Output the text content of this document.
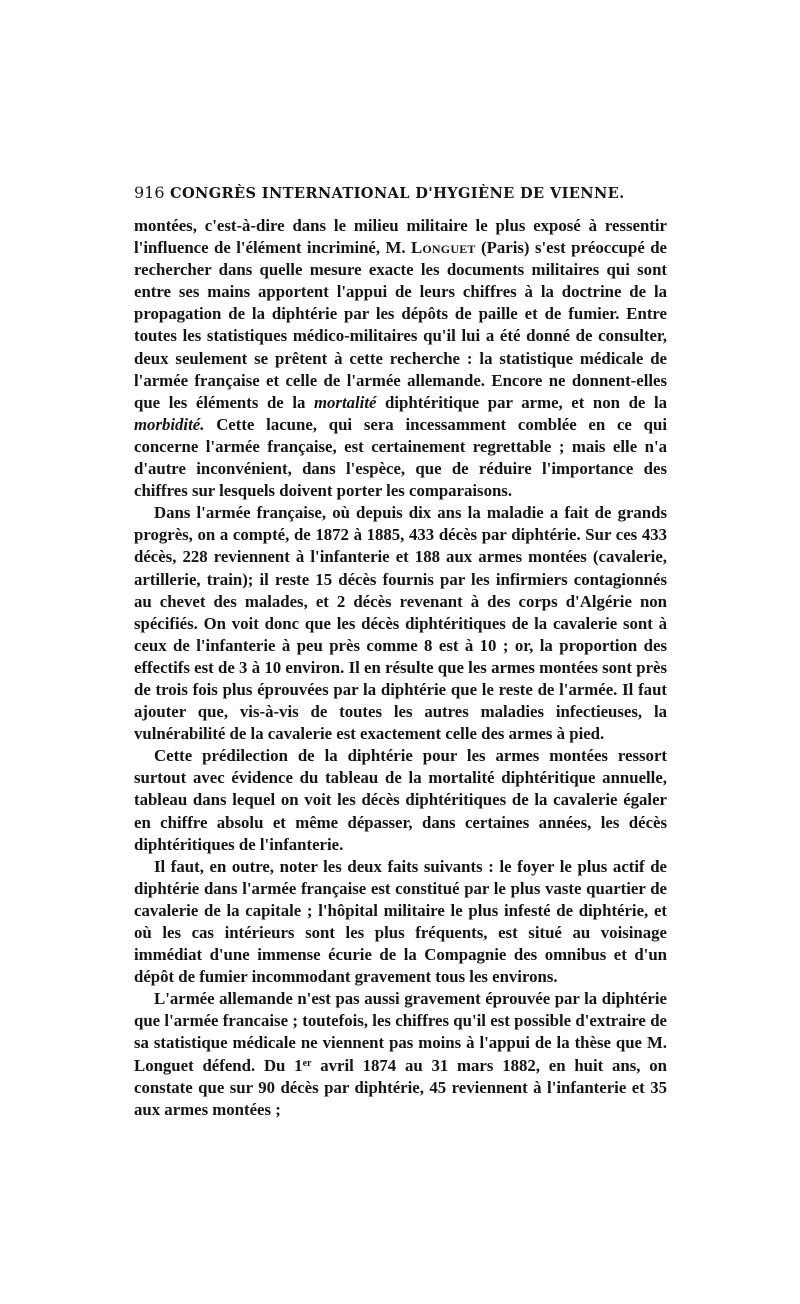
916 CONGRÈS INTERNATIONAL D'HYGIÈNE DE VIENNE.

montées, c'est-à-dire dans le milieu militaire le plus exposé à ressentir l'influence de l'élément incriminé, M. Longuet (Paris) s'est préoccupé de rechercher dans quelle mesure exacte les documents militaires qui sont entre ses mains apportent l'appui de leurs chiffres à la doctrine de la propagation de la diphtérie par les dépôts de paille et de fumier. Entre toutes les statistiques médico-militaires qu'il lui a été donné de consulter, deux seulement se prêtent à cette recherche : la statistique médicale de l'armée française et celle de l'armée allemande. Encore ne donnent-elles que les éléments de la mortalité diphtéritique par arme, et non de la morbidité. Cette lacune, qui sera incessamment comblée en ce qui concerne l'armée française, est certainement regrettable ; mais elle n'a d'autre inconvénient, dans l'espèce, que de réduire l'importance des chiffres sur lesquels doivent porter les comparaisons.

Dans l'armée française, où depuis dix ans la maladie a fait de grands progrès, on a compté, de 1872 à 1885, 433 décès par diphtérie. Sur ces 433 décès, 228 reviennent à l'infanterie et 188 aux armes montées (cavalerie, artillerie, train); il reste 15 décès fournis par les infirmiers contagionnés au chevet des malades, et 2 décès revenant à des corps d'Algérie non spécifiés. On voit donc que les décès diphtéritiques de la cavalerie sont à ceux de l'infanterie à peu près comme 8 est à 10 ; or, la proportion des effectifs est de 3 à 10 environ. Il en résulte que les armes montées sont près de trois fois plus éprouvées par la diphtérie que le reste de l'armée. Il faut ajouter que, vis-à-vis de toutes les autres maladies infectieuses, la vulnérabilité de la cavalerie est exactement celle des armes à pied.

Cette prédilection de la diphtérie pour les armes montées ressort surtout avec évidence du tableau de la mortalité diphtéritique annuelle, tableau dans lequel on voit les décès diphtéritiques de la cavalerie égaler en chiffre absolu et même dépasser, dans certaines années, les décès diphtéritiques de l'infanterie.

Il faut, en outre, noter les deux faits suivants : le foyer le plus actif de diphtérie dans l'armée française est constitué par le plus vaste quartier de cavalerie de la capitale ; l'hôpital militaire le plus infesté de diphtérie, et où les cas intérieurs sont les plus fréquents, est situé au voisinage immédiat d'une immense écurie de la Compagnie des omnibus et d'un dépôt de fumier incommodant gravement tous les environs.

L'armée allemande n'est pas aussi gravement éprouvée par la diphtérie que l'armée francaise ; toutefois, les chiffres qu'il est possible d'extraire de sa statistique médicale ne viennent pas moins à l'appui de la thèse que M. Longuet défend. Du 1er avril 1874 au 31 mars 1882, en huit ans, on constate que sur 90 décès par diphtérie, 45 reviennent à l'infanterie et 35 aux armes montées ;
